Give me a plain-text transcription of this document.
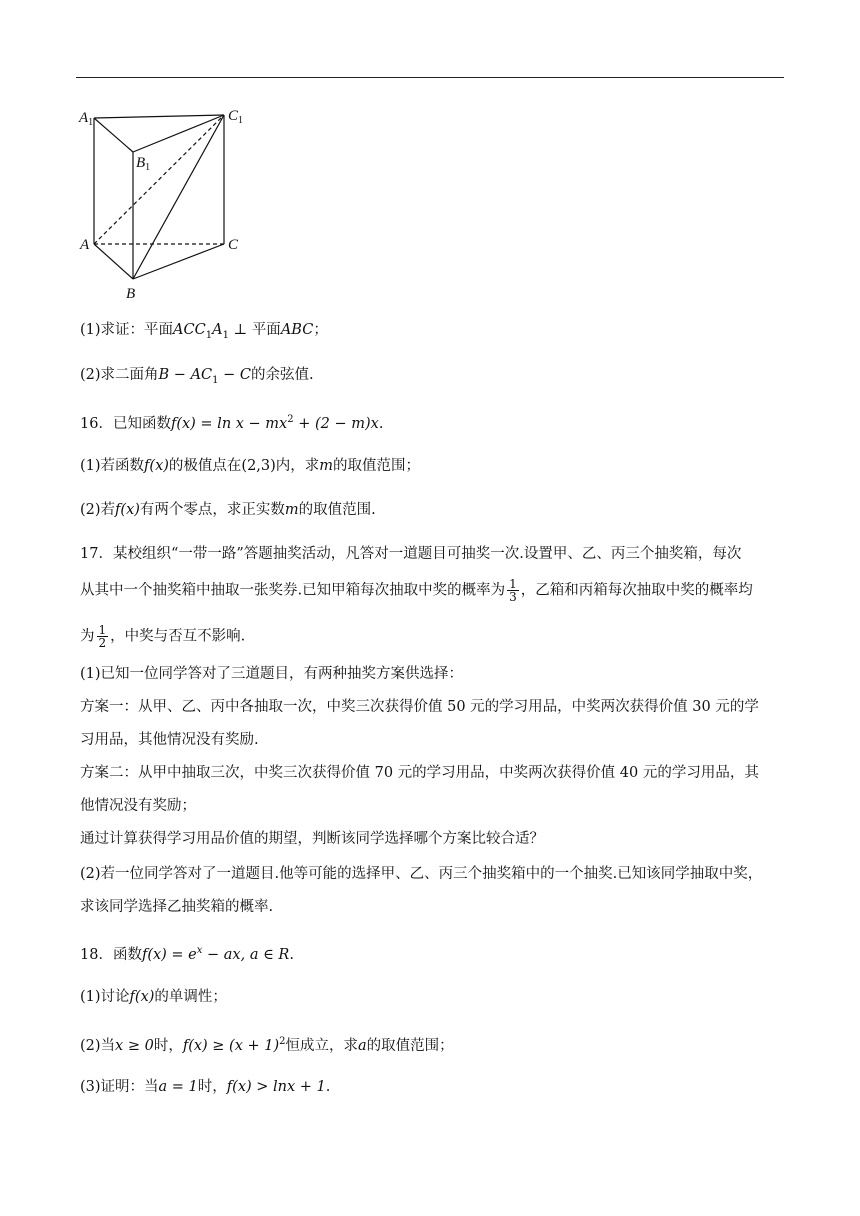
$A_1$	$C_1$
$B_1$
A	C
B
(1)求证：平面$ACC_1A_1$ ⊥ 平面ABC；
(2)求二面角$B - AC_1 - C$的余弦值.
16．已知函数$f(x) = \ln x - mx^2 + (2 - m)x$.
(1)若函数f(x)的极值点在(2,3)内，求m的取值范围；
(2)若f(x)有两个零点，求正实数m的取值范围.
17．某校组织“一带一路”答题抽奖活动，凡答对一道题目可抽奖一次.设置甲、乙、丙三个抽奖箱，每次
从其中一个抽奖箱中抽取一张奖券.已知甲箱每次抽取中奖的概率为 $\frac{1}{3}$ ，乙箱和丙箱每次抽取中奖的概率均
为 $\frac{1}{2}$ ，中奖与否互不影响.
(1)已知一位同学答对了三道题目，有两种抽奖方案供选择：
方案一：从甲、乙、丙中各抽取一次，中奖三次获得价值 50 元的学习用品，中奖两次获得价值 30 元的学
习用品，其他情况没有奖励.
方案二：从甲中抽取三次，中奖三次获得价值 70 元的学习用品，中奖两次获得价值 40 元的学习用品，其
他情况没有奖励；
通过计算获得学习用品价值的期望，判断该同学选择哪个方案比较合适？
(2)若一位同学答对了一道题目.他等可能的选择甲、乙、丙三个抽奖箱中的一个抽奖.已知该同学抽取中奖，
求该同学选择乙抽奖箱的概率.
18．函数$f(x) = e^x$ − ax, a ∈ R.
(1)讨论f(x)的单调性；
(2)当x ≥ 0时，$f(x) \ge (x + 1)^2$恒成立，求a的取值范围；
(3)证明：当a = 1时，f(x) > lnx + 1.
